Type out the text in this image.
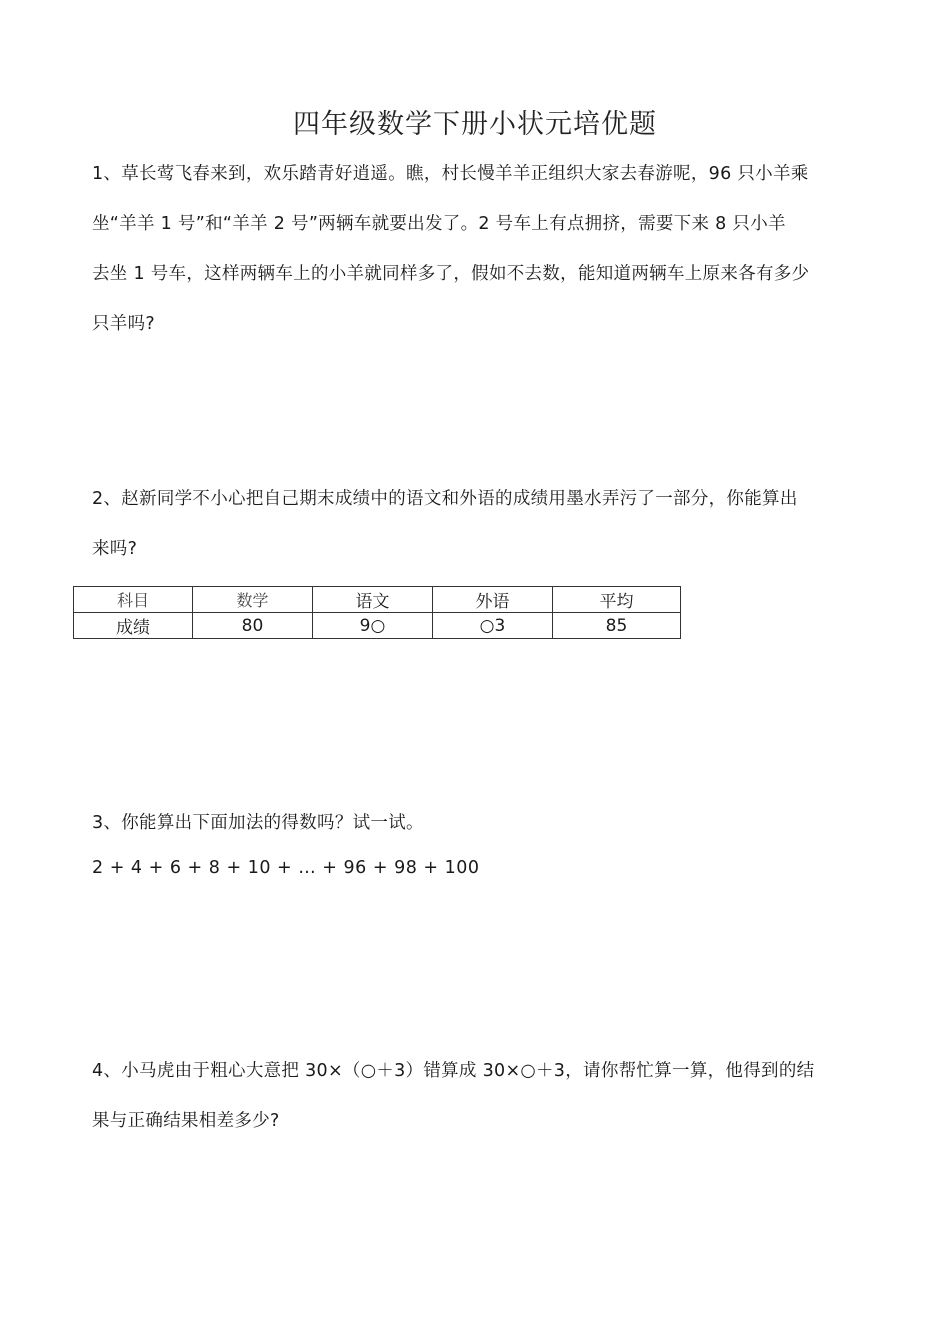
四年级数学下册小状元培优题
1、草长莺飞春来到，欢乐踏青好逍遥。瞧，村长慢羊羊正组织大家去春游呢，96 只小羊乘
坐“羊羊 1 号”和“羊羊 2 号”两辆车就要出发了。2 号车上有点拥挤，需要下来 8 只小羊
去坐 1 号车，这样两辆车上的小羊就同样多了，假如不去数，能知道两辆车上原来各有多少
只羊吗?
2、赵新同学不小心把自己期末成绩中的语文和外语的成绩用墨水弄污了一部分，你能算出
来吗?
科目	数学	语文	外语	平均
成绩	80	9○	○3	85
3、你能算出下面加法的得数吗？试一试。
2 + 4 + 6 + 8 + 10 + … + 96 + 98 + 100
4、小马虎由于粗心大意把 30×（○＋3）错算成 30×○＋3，请你帮忙算一算，他得到的结
果与正确结果相差多少?
